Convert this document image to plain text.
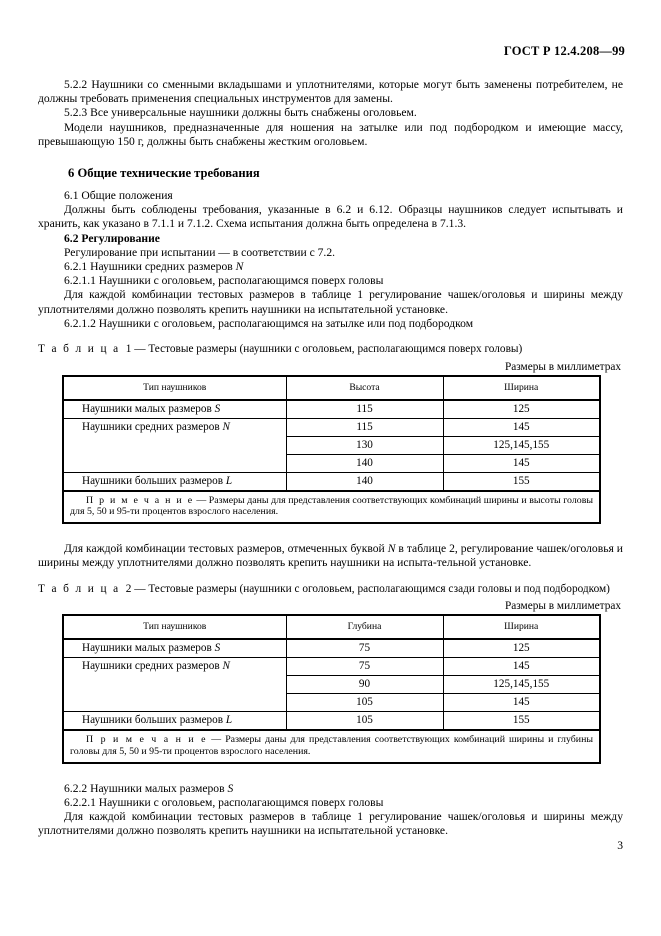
ГОСТ Р 12.4.208—99

5.2.2 Наушники со сменными вкладышами и уплотнителями, которые могут быть заменены потребителем, не должны требовать применения специальных инструментов для замены.

5.2.3 Все универсальные наушники должны быть снабжены оголовьем.

Модели наушников, предназначенные для ношения на затылке или под подбородком и имеющие массу, превышающую 150 г, должны быть снабжены жестким оголовьем.

6 Общие технические требования

6.1 Общие положения

Должны быть соблюдены требования, указанные в 6.2 и 6.12. Образцы наушников следует испытывать и хранить, как указано в 7.1.1 и 7.1.2. Схема испытания должна быть определена в 7.1.3.

6.2 Регулирование

Регулирование при испытании — в соответствии с 7.2.

6.2.1 Наушники средних размеров N

6.2.1.1 Наушники с оголовьем, располагающимся поверх головы

Для каждой комбинации тестовых размеров в таблице 1 регулирование чашек/оголовья и ширины между уплотнителями должно позволять крепить наушники на испытательной установке.

6.2.1.2 Наушники с оголовьем, располагающимся на затылке или под подбородком

Т а б л и ц а 1 — Тестовые размеры (наушники с оголовьем, располагающимся поверх головы)

Размеры в миллиметрах
Тип наушников	Высота	Ширина
Наушники малых размеров S	115	125
Наушники средних размеров N	115	145
	130	125,145,155
	140	145
Наушники больших размеров L	140	155
П р и м е ч а н и е — Размеры даны для представления соответствующих комбинаций ширины и высоты головы для 5, 50 и 95-ти процентов взрослого населения.		

Для каждой комбинации тестовых размеров, отмеченных буквой N в таблице 2, регулирование чашек/оголовья и ширины между уплотнителями должно позволять крепить наушники на испыта-тельной установке.

Т а б л и ц а 2 — Тестовые размеры (наушники с оголовьем, располагающимся сзади головы и под подбородком)

Размеры в миллиметрах
Тип наушников	Глубина	Ширина
Наушники малых размеров S	75	125
Наушники средних размеров N	75	145
	90	125,145,155
	105	145
Наушники больших размеров L	105	155
П р и м е ч а н и е — Размеры даны для представления соответствующих комбинаций ширины и глубины головы для 5, 50 и 95-ти процентов взрослого населения.		

6.2.2 Наушники малых размеров S

6.2.2.1 Наушники с оголовьем, располагающимся поверх головы

Для каждой комбинации тестовых размеров в таблице 1 регулирование чашек/оголовья и ширины между уплотнителями должно позволять крепить наушники на испытательной установке.

3
